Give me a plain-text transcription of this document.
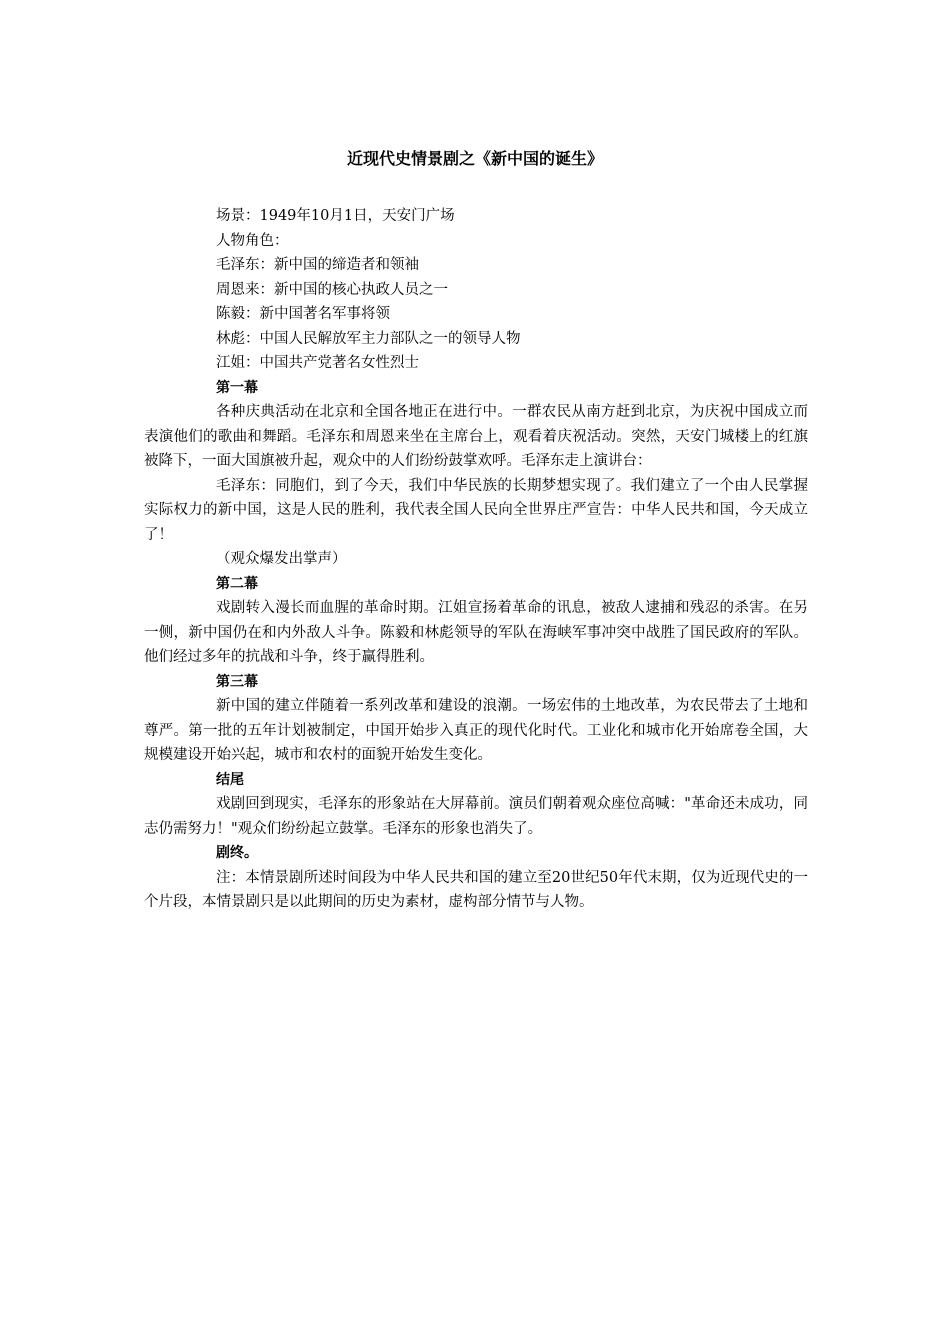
近现代史情景剧之《新中国的诞生》

场景：1949年10月1日，天安门广场

人物角色：

毛泽东：新中国的缔造者和领袖

周恩来：新中国的核心执政人员之一

陈毅：新中国著名军事将领

林彪：中国人民解放军主力部队之一的领导人物

江姐：中国共产党著名女性烈士

第一幕

各种庆典活动在北京和全国各地正在进行中。一群农民从南方赶到北京，为庆祝中国成立而表演他们的歌曲和舞蹈。毛泽东和周恩来坐在主席台上，观看着庆祝活动。突然，天安门城楼上的红旗被降下，一面大国旗被升起，观众中的人们纷纷鼓掌欢呼。毛泽东走上演讲台：

毛泽东：同胞们，到了今天，我们中华民族的长期梦想实现了。我们建立了一个由人民掌握实际权力的新中国，这是人民的胜利，我代表全国人民向全世界庄严宣告：中华人民共和国，今天成立了！

（观众爆发出掌声）

第二幕

戏剧转入漫长而血腥的革命时期。江姐宣扬着革命的讯息，被敌人逮捕和残忍的杀害。在另一侧，新中国仍在和内外敌人斗争。陈毅和林彪领导的军队在海峡军事冲突中战胜了国民政府的军队。他们经过多年的抗战和斗争，终于赢得胜利。

第三幕

新中国的建立伴随着一系列改革和建设的浪潮。一场宏伟的土地改革，为农民带去了土地和尊严。第一批的五年计划被制定，中国开始步入真正的现代化时代。工业化和城市化开始席卷全国，大规模建设开始兴起，城市和农村的面貌开始发生变化。

结尾

戏剧回到现实，毛泽东的形象站在大屏幕前。演员们朝着观众座位高喊："革命还未成功，同志仍需努力！"观众们纷纷起立鼓掌。毛泽东的形象也消失了。

剧终。

注：本情景剧所述时间段为中华人民共和国的建立至20世纪50年代末期，仅为近现代史的一个片段，本情景剧只是以此期间的历史为素材，虚构部分情节与人物。
